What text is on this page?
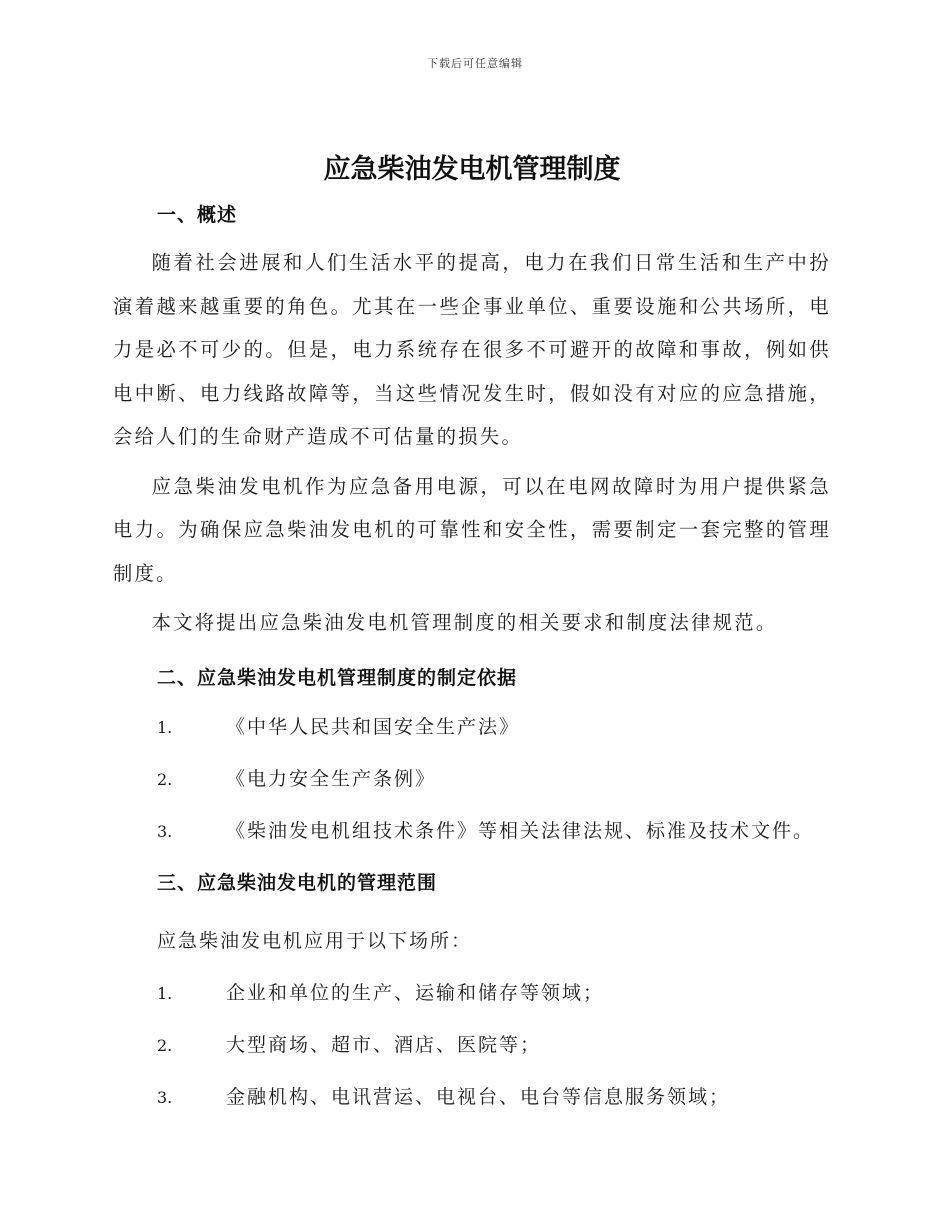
下载后可任意编辑
应急柴油发电机管理制度
一、概述

随着社会进展和人们生活水平的提高，电力在我们日常生活和生产中扮演着越来越重要的角色。尤其在一些企事业单位、重要设施和公共场所，电力是必不可少的。但是，电力系统存在很多不可避开的故障和事故，例如供电中断、电力线路故障等，当这些情况发生时，假如没有对应的应急措施，会给人们的生命财产造成不可估量的损失。

应急柴油发电机作为应急备用电源，可以在电网故障时为用户提供紧急电力。为确保应急柴油发电机的可靠性和安全性，需要制定一套完整的管理制度。

本文将提出应急柴油发电机管理制度的相关要求和制度法律规范。

二、应急柴油发电机管理制度的制定依据
1.	《中华人民共和国安全生产法》
2.	《电力安全生产条例》
3.	《柴油发电机组技术条件》等相关法律法规、标准及技术文件。
三、应急柴油发电机的管理范围
应急柴油发电机应用于以下场所：
1.	企业和单位的生产、运输和储存等领域；
2.	大型商场、超市、酒店、医院等；
3.	金融机构、电讯营运、电视台、电台等信息服务领域；
